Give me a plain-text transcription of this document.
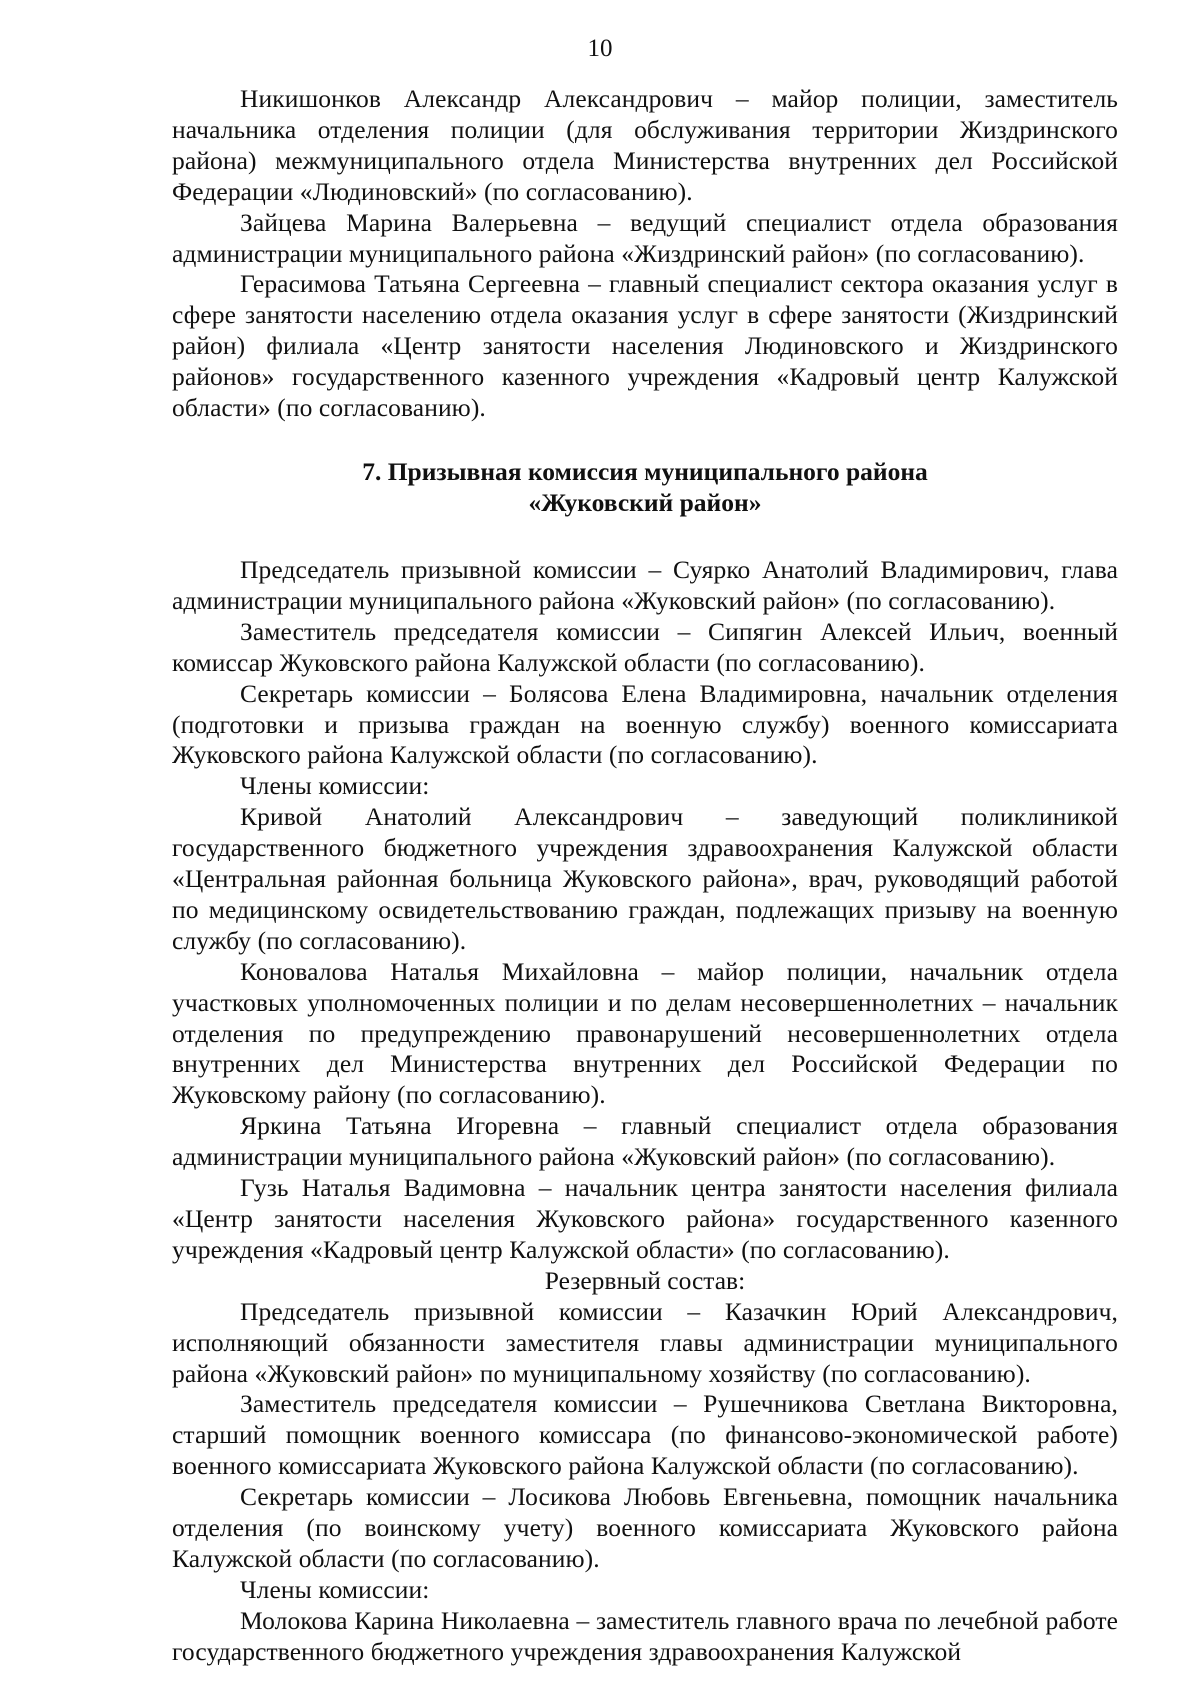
10

Никишонков Александр Александрович – майор полиции, заместитель начальника отделения полиции (для обслуживания территории Жиздринского района) межмуниципального отдела Министерства внутренних дел Российской Федерации «Людиновский» (по согласованию).

Зайцева Марина Валерьевна – ведущий специалист отдела образования администрации муниципального района «Жиздринский район» (по согласованию).

Герасимова Татьяна Сергеевна – главный специалист сектора оказания услуг в сфере занятости населению отдела оказания услуг в сфере занятости (Жиздринский район) филиала «Центр занятости населения Людиновского и Жиздринского районов» государственного казенного учреждения «Кадровый центр Калужской области» (по согласованию).

7. Призывная комиссия муниципального района
«Жуковский район»

Председатель призывной комиссии – Суярко Анатолий Владимирович, глава администрации муниципального района «Жуковский район» (по согласованию).

Заместитель председателя комиссии – Сипягин Алексей Ильич, военный комиссар Жуковского района Калужской области (по согласованию).

Секретарь комиссии – Болясова Елена Владимировна, начальник отделения (подготовки и призыва граждан на военную службу) военного комиссариата Жуковского района Калужской области (по согласованию).

Члены комиссии:

Кривой Анатолий Александрович – заведующий поликлиникой государственного бюджетного учреждения здравоохранения Калужской области «Центральная районная больница Жуковского района», врач, руководящий работой по медицинскому освидетельствованию граждан, подлежащих призыву на военную службу (по согласованию).

Коновалова Наталья Михайловна – майор полиции, начальник отдела участковых уполномоченных полиции и по делам несовершеннолетних – начальник отделения по предупреждению правонарушений несовершеннолетних отдела внутренних дел Министерства внутренних дел Российской Федерации по Жуковскому району (по согласованию).

Яркина Татьяна Игоревна – главный специалист отдела образования администрации муниципального района «Жуковский район» (по согласованию).

Гузь Наталья Вадимовна – начальник центра занятости населения филиала «Центр занятости населения Жуковского района» государственного казенного учреждения «Кадровый центр Калужской области» (по согласованию).

Резервный состав:

Председатель призывной комиссии – Казачкин Юрий Александрович, исполняющий обязанности заместителя главы администрации муниципального района «Жуковский район» по муниципальному хозяйству (по согласованию).

Заместитель председателя комиссии – Рушечникова Светлана Викторовна, старший помощник военного комиссара (по финансово-экономической работе) военного комиссариата Жуковского района Калужской области (по согласованию).

Секретарь комиссии – Лосикова Любовь Евгеньевна, помощник начальника отделения (по воинскому учету) военного комиссариата Жуковского района Калужской области (по согласованию).

Члены комиссии:

Молокова Карина Николаевна – заместитель главного врача по лечебной работе государственного бюджетного учреждения здравоохранения Калужской
